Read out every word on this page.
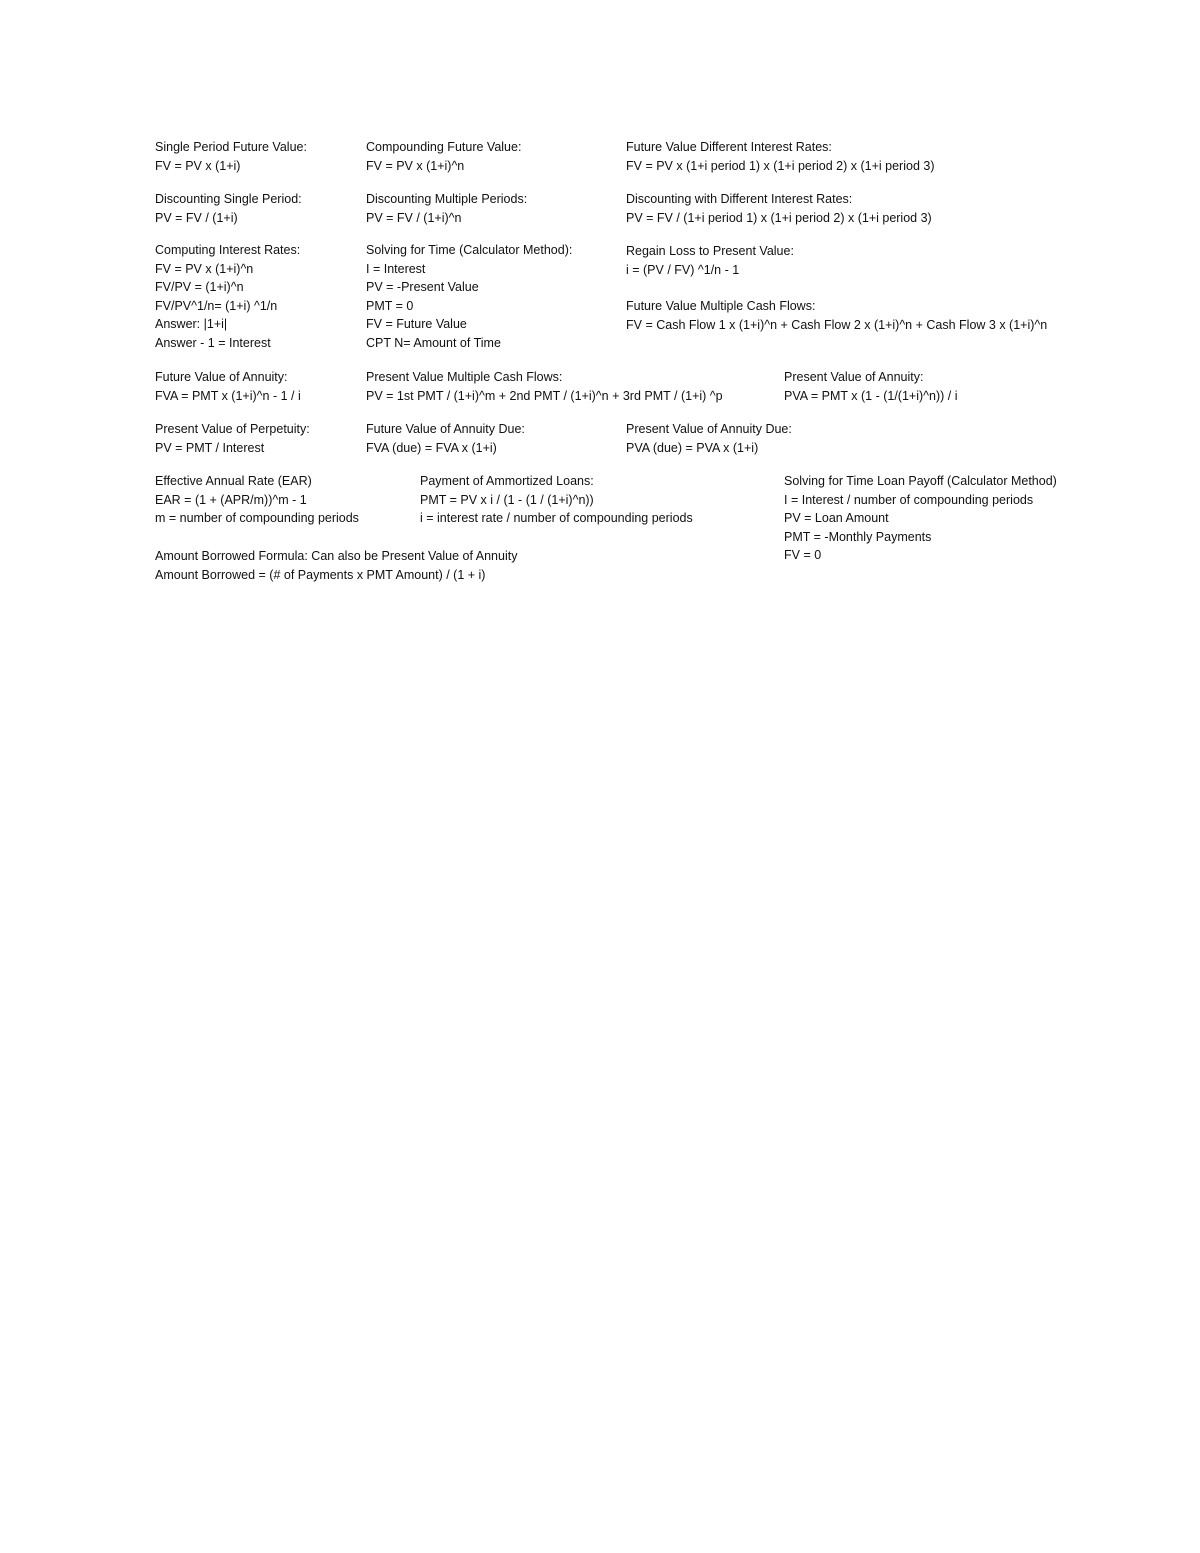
Single Period Future Value:
FV = PV x (1+i)
Compounding Future Value:
FV = PV x (1+i)^n
Future Value Different Interest Rates:
FV = PV x (1+i period 1) x (1+i period 2) x (1+i period 3)
Discounting Single Period:
PV = FV / (1+i)
Discounting Multiple Periods:
PV = FV / (1+i)^n
Discounting with Different Interest Rates:
PV = FV / (1+i period 1) x (1+i period 2) x (1+i period 3)
Computing Interest Rates:
FV = PV x (1+i)^n
FV/PV = (1+i)^n
FV/PV^1/n= (1+i) ^1/n
Answer: |1+i|
Answer - 1 = Interest
Solving for Time (Calculator Method):
I = Interest
PV = -Present Value
PMT = 0
FV = Future Value
CPT N= Amount of Time
Regain Loss to Present Value:
i = (PV / FV) ^1/n - 1
Future Value Multiple Cash Flows:
FV = Cash Flow 1 x (1+i)^n + Cash Flow 2 x (1+i)^n + Cash Flow 3 x (1+i)^n
Future Value of Annuity:
FVA = PMT x (1+i)^n - 1 / i
Present Value Multiple Cash Flows:
PV = 1st PMT / (1+i)^m + 2nd PMT / (1+i)^n + 3rd PMT / (1+i) ^p
Present Value of Annuity:
PVA = PMT x (1 - (1/(1+i)^n)) / i
Present Value of Perpetuity:
PV = PMT / Interest
Future Value of Annuity Due:
FVA (due) = FVA x (1+i)
Present Value of Annuity Due:
PVA (due) = PVA x (1+i)
Effective Annual Rate (EAR)
EAR = (1 + (APR/m))^m - 1
m = number of compounding periods
Payment of Ammortized Loans:
PMT = PV x i / (1 - (1 / (1+i)^n))
i = interest rate / number of compounding periods
Solving for Time Loan Payoff (Calculator Method)
I = Interest / number of compounding periods
PV = Loan Amount
PMT = -Monthly Payments
FV = 0
Amount Borrowed Formula: Can also be Present Value of Annuity
Amount Borrowed = (# of Payments x PMT Amount) / (1 + i)
